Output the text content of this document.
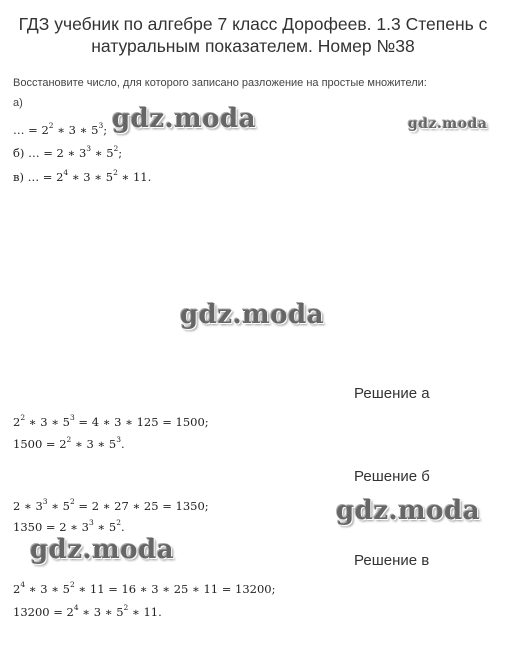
ГДЗ учебник по алгебре 7 класс Дорофеев. 1.3 Степень с
натуральным показателем. Номер №38
Восстановите число, для которого записано разложение на простые множители:
а)
… = $2^2$ ∗ 3 ∗ $5^3$;
б) … = 2 ∗ $3^3$ ∗ $5^2$;
в) … = $2^4$ ∗ 3 ∗ $5^2$ ∗ 11.
gdz.moda	gdz.moda
gdz.moda
gdz.moda
gdz.moda
Решение а
$2^2$ ∗ 3 ∗ $5^3 = 4$ ∗ 3 ∗ 125 = 1500;
$1500 = 2^2$ ∗ 3 ∗ $5^3$.
Решение б
2 ∗ $3^3$ ∗ $5^2 = 2$ ∗ 27 ∗ 25 = 1350;
1350 = 2 ∗ $3^3$ ∗ $5^2$.
Решение в
$2^4$ ∗ 3 ∗ $5^2$ ∗ 11 = 16 ∗ 3 ∗ 25 ∗ 11 = 13200;
$13200 = 2^4$ ∗ 3 ∗ $5^2$ ∗ 11.
